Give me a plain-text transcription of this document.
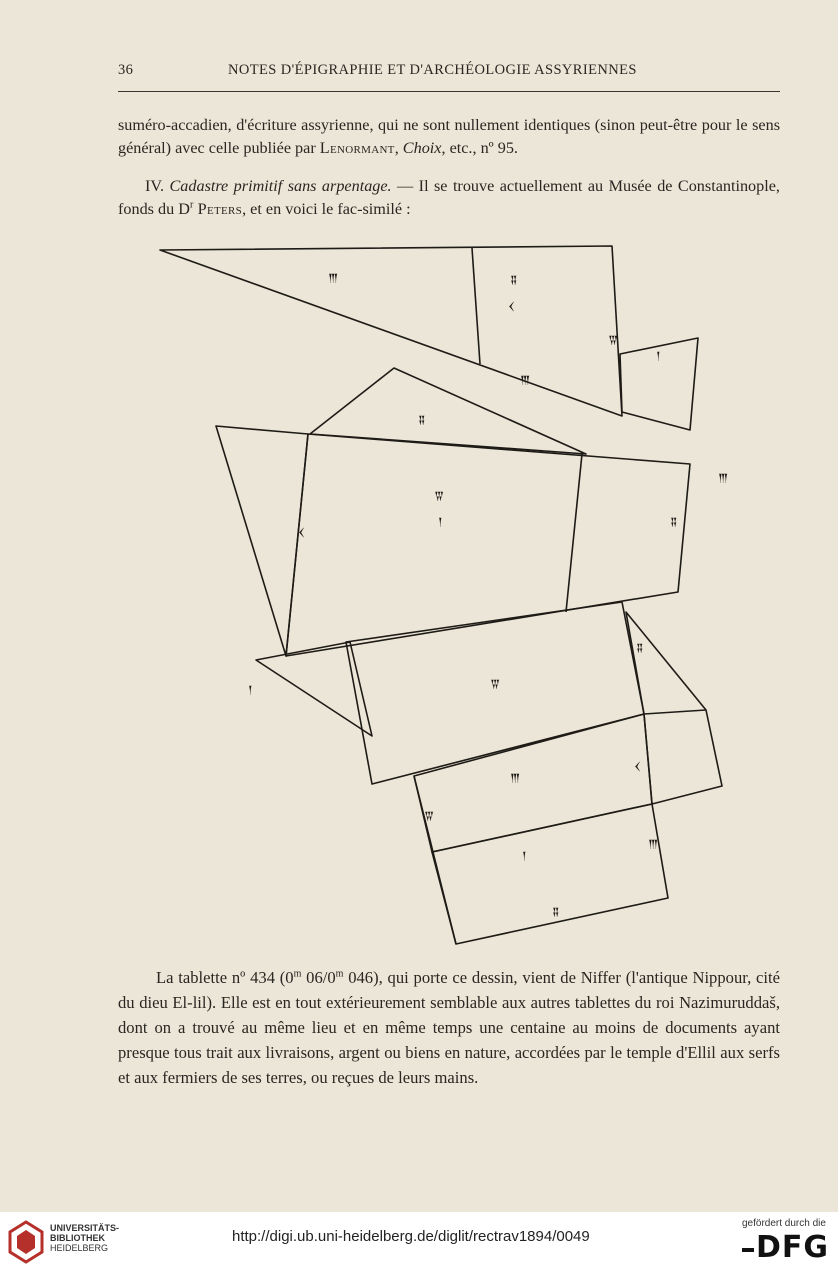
36	NOTES D'ÉPIGRAPHIE ET D'ARCHÉOLOGIE ASSYRIENNES
suméro-accadien, d'écriture assyrienne, qui ne sont nullement identiques (sinon peut-être pour le sens général) avec celle publiée par Lenormant, Choix, etc., nº 95.
IV. Cadastre primitif sans arpentage. — Il se trouve actuellement au Musée de Constantinople, fonds du $D^r$ Peters, et en voici le fac-similé :
𒐈	𒐉
𒌋
𒐊
𒁹
𒐈
𒐉
𒐊
𒁹
𒌋
𒐉
𒐈
𒐊
𒁹
𒐉
𒐈
𒌋
𒐊
𒁹
𒐉
𒐈
La tablette nº 434 (0$^m$ 06/0$^m$ 046), qui porte ce dessin, vient de Niffer (l'antique Nippour, cité du dieu El-lil). Elle est en tout extérieurement semblable aux autres tablettes du roi Nazimuruddaš, dont on a trouvé au même lieu et en même temps une centaine au moins de documents ayant presque tous trait aux livraisons, argent ou biens en nature, accordées par le temple d'Ellil aux serfs et aux fermiers de ses terres, ou reçues de leurs mains.
UNIVERSITÄTS-
BIBLIOTHEK
HEIDELBERG
http://digi.ub.uni-heidelberg.de/diglit/rectrav1894/0049
gefördert durch die
DFG
